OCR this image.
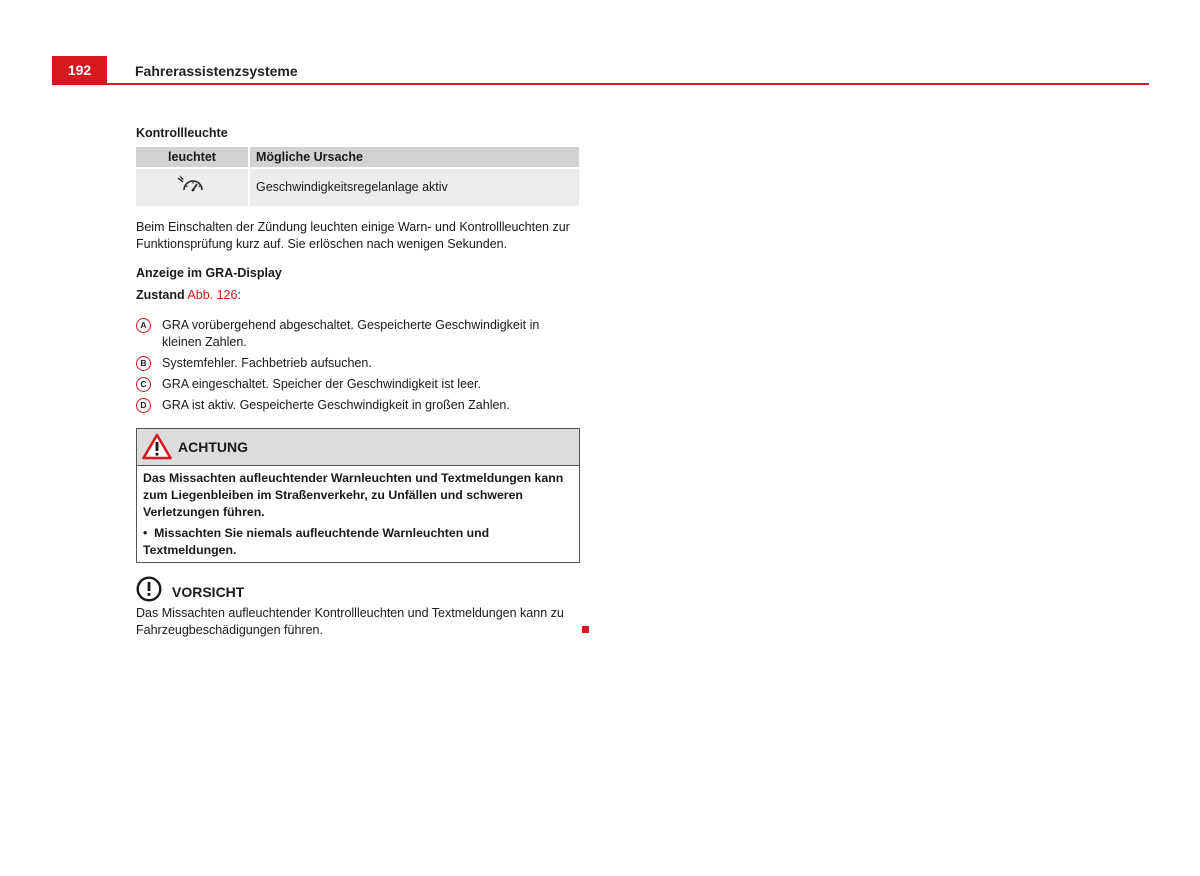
192	Fahrerassistenzsysteme

Kontrollleuchte

leuchtet	Mögliche Ursache
	Geschwindigkeitsregelanlage aktiv

Beim Einschalten der Zündung leuchten einige Warn- und Kontrollleuchten zur Funktionsprüfung kurz auf. Sie erlöschen nach wenigen Sekunden.

Anzeige im GRA-Display

Zustand Abb. 126:

A	GRA vorübergehend abgeschaltet. Gespeicherte Geschwindigkeit in kleinen Zahlen.
B	Systemfehler. Fachbetrieb aufsuchen.
C	GRA eingeschaltet. Speicher der Geschwindigkeit ist leer.
D	GRA ist aktiv. Gespeicherte Geschwindigkeit in großen Zahlen.
ACHTUNG

Das Missachten aufleuchtender Warnleuchten und Textmeldungen kann zum Liegenbleiben im Straßenverkehr, zu Unfällen und schweren Verletzungen führen.

•  Missachten Sie niemals aufleuchtende Warnleuchten und Textmeldungen.

VORSICHT

Das Missachten aufleuchtender Kontrollleuchten und Textmeldungen kann zu Fahrzeugbeschädigungen führen.
